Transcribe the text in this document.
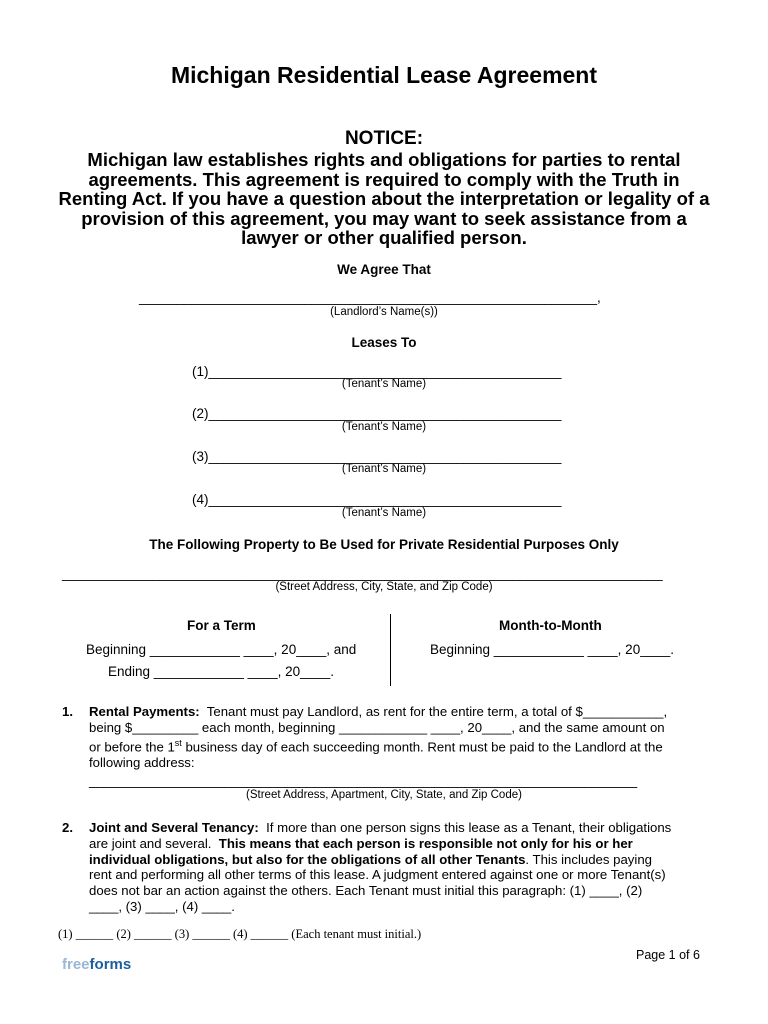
Michigan Residential Lease Agreement
NOTICE:
Michigan law establishes rights and obligations for parties to rental agreements. This agreement is required to comply with the Truth in Renting Act. If you have a question about the interpretation or legality of a provision of this agreement, you may want to seek assistance from a lawyer or other qualified person.
We Agree That
_____________________________________________________________,
(Landlord’s Name(s))
Leases To
(1)_______________________________________________
(Tenant’s Name)
(2)_______________________________________________
(Tenant’s Name)
(3)_______________________________________________
(Tenant’s Name)
(4)_______________________________________________
(Tenant’s Name)
The Following Property to Be Used for Private Residential Purposes Only
________________________________________________________________________________
(Street Address, City, State, and Zip Code)
For a Term
Beginning ____________ ____, 20____, and
Ending ____________ ____, 20____.
Month-to-Month
Beginning ____________ ____, 20____.
1. Rental Payments: Tenant must pay Landlord, as rent for the entire term, a total of $___________,
being $_________ each month, beginning ____________ ____, 20____, and the same amount on
or before the 1st business day of each succeeding month. Rent must be paid to the Landlord at the
following address:
_________________________________________________________________________
(Street Address, Apartment, City, State, and Zip Code)
2. Joint and Several Tenancy: If more than one person signs this lease as a Tenant, their obligations
are joint and several. This means that each person is responsible not only for his or her
individual obligations, but also for the obligations of all other Tenants. This includes paying
rent and performing all other terms of this lease. A judgment entered against one or more Tenant(s)
does not bar an action against the others. Each Tenant must initial this paragraph: (1) ____, (2)
____, (3) ____, (4) ____.
(1) ______ (2) ______ (3) ______ (4) ______ (Each tenant must initial.)
freeforms
Page 1 of 6
